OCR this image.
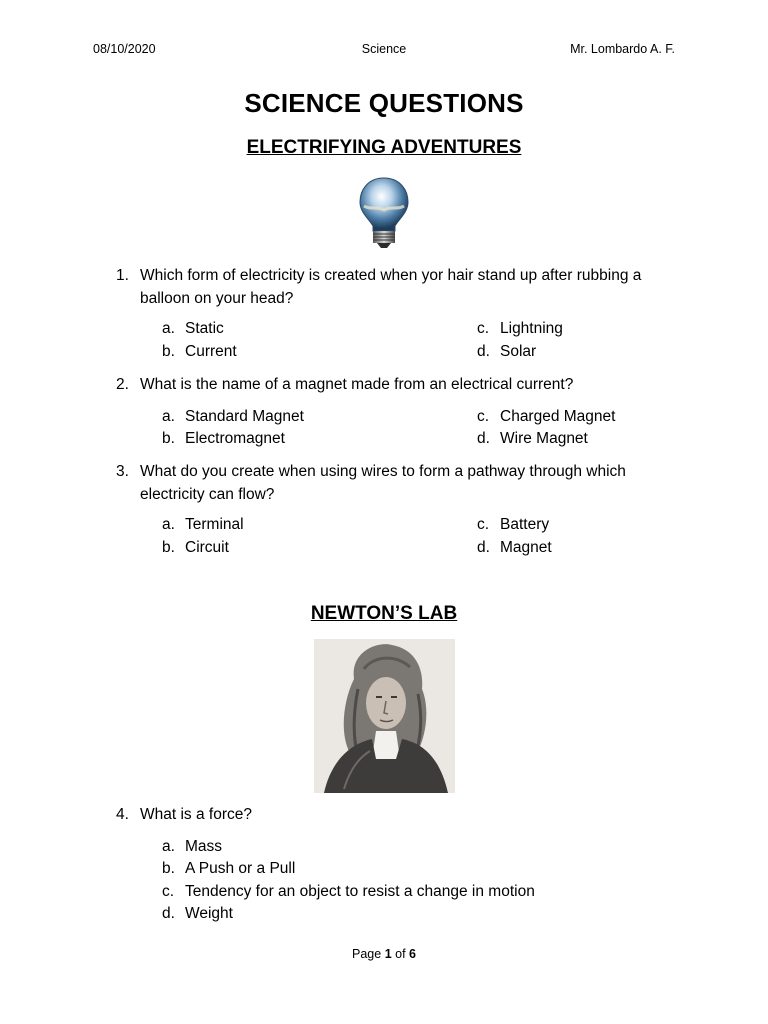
08/10/2020	Science	Mr. Lombardo A. F.
SCIENCE QUESTIONS
ELECTRIFYING ADVENTURES
1. Which form of electricity is created when yor hair stand up after rubbing a balloon on your head?
a. Static
b. Current
c. Lightning
d. Solar
2. What is the name of a magnet made from an electrical current?
a. Standard Magnet
b. Electromagnet
c. Charged Magnet
d. Wire Magnet
3. What do you create when using wires to form a pathway through which electricity can flow?
a. Terminal
b. Circuit
c. Battery
d. Magnet
NEWTON’S LAB
4. What is a force?
a. Mass
b. A Push or a Pull
c. Tendency for an object to resist a change in motion
d. Weight
Page 1 of 6
